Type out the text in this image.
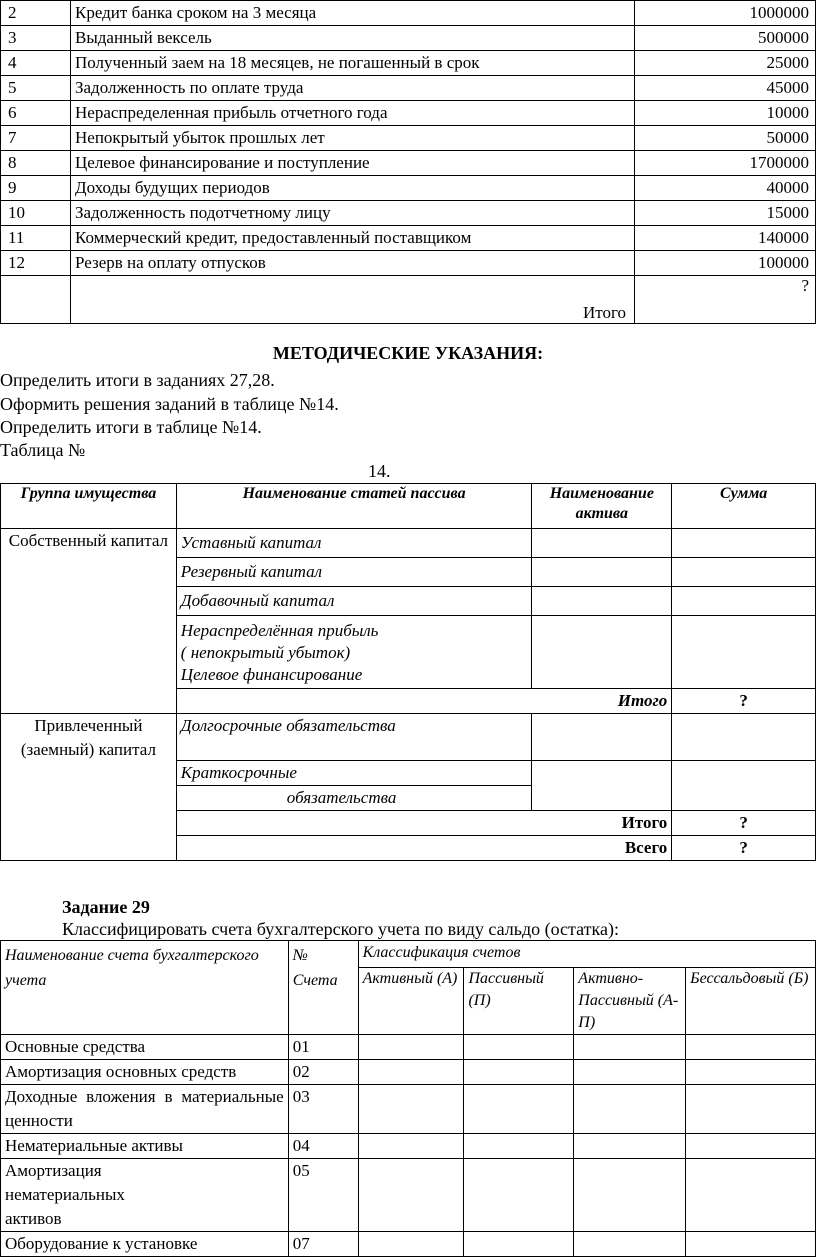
2	Кредит банка сроком на 3 месяца	1000000
3	Выданный вексель	500000
4	Полученный заем на 18 месяцев, не погашенный в срок	25000
5	Задолженность по оплате труда	45000
6	Нераспределенная прибыль отчетного года	10000
7	Непокрытый убыток прошлых лет	50000
8	Целевое финансирование и поступление	1700000
9	Доходы будущих периодов	40000
10	Задолженность подотчетному лицу	15000
11	Коммерческий кредит, предоставленный поставщиком	140000
12	Резерв на оплату отпусков	100000
	Итого	?
МЕТОДИЧЕСКИЕ УКАЗАНИЯ:
Определить итоги в заданиях 27,28.
Оформить решения заданий в таблице №14.
Определить итоги в таблице №14.
Таблица №
14.
Группа имущества	Наименование статей пассива	Наименование актива	Сумма
Собственный капитал	Уставный капитал		
	Резервный капитал		
	Добавочный капитал		

	Нераспределённая прибыль
( непокрытый убыток)
Целевое финансирование		

	Итого		?
Привлеченный (заемный) капитал	Долгосрочные обязательства		
	Краткосрочные		
	обязательства		
	Итого		?
	Всего		?
Задание 29
Классифицировать счета бухгалтерского учета по виду сальдо (остатка):
Наименование счета бухгалтерского учета	№ Счета	Классификация счетов			
		Активный (А)	Пассивный (П)	Активно-Пассивный (А-П)	Бессальдовый (Б)
Основные средства	01				
Амортизация основных средств	02				
Доходные вложения в материальные ценности	03				
Нематериальные активы	04				
Амортизация нематериальных активов	05				
Оборудование к установке	07				
